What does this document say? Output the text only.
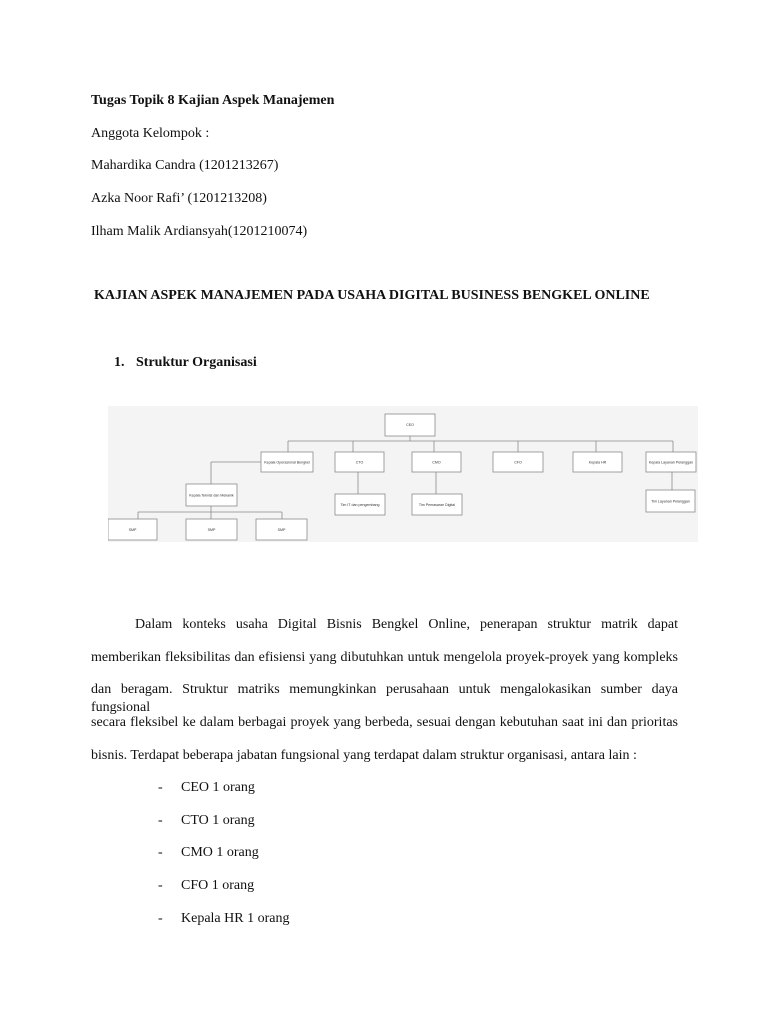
Tugas Topik 8 Kajian Aspek Manajemen
Anggota Kelompok :
Mahardika Candra (1201213267)
Azka Noor Rafi’ (1201213208)
Ilham Malik Ardiansyah(1201210074)
KAJIAN ASPEK MANAJEMEN PADA USAHA DIGITAL BUSINESS BENGKEL ONLINE
1. Struktur Organisasi
CEO
Kepala Operasional Bengkel	CTO	CMO	CFO	Kepala HR	Kepala Layanan Pelanggan
Kepala Teknisi dan Mekanik
Tim IT dan pengembang	Tim Pemasaran Digital
Tim Layanan Pelanggan
SMP	SMP	SMP
Dalam konteks usaha Digital Bisnis Bengkel Online, penerapan struktur matrik dapat
memberikan fleksibilitas dan efisiensi yang dibutuhkan untuk mengelola proyek-proyek yang kompleks
dan beragam. Struktur matriks memungkinkan perusahaan untuk mengalokasikan sumber daya fungsional
secara fleksibel ke dalam berbagai proyek yang berbeda, sesuai dengan kebutuhan saat ini dan prioritas
bisnis. Terdapat beberapa jabatan fungsional yang terdapat dalam struktur organisasi, antara lain :
- CEO 1 orang
- CTO 1 orang
- CMO 1 orang
- CFO 1 orang
- Kepala HR 1 orang
